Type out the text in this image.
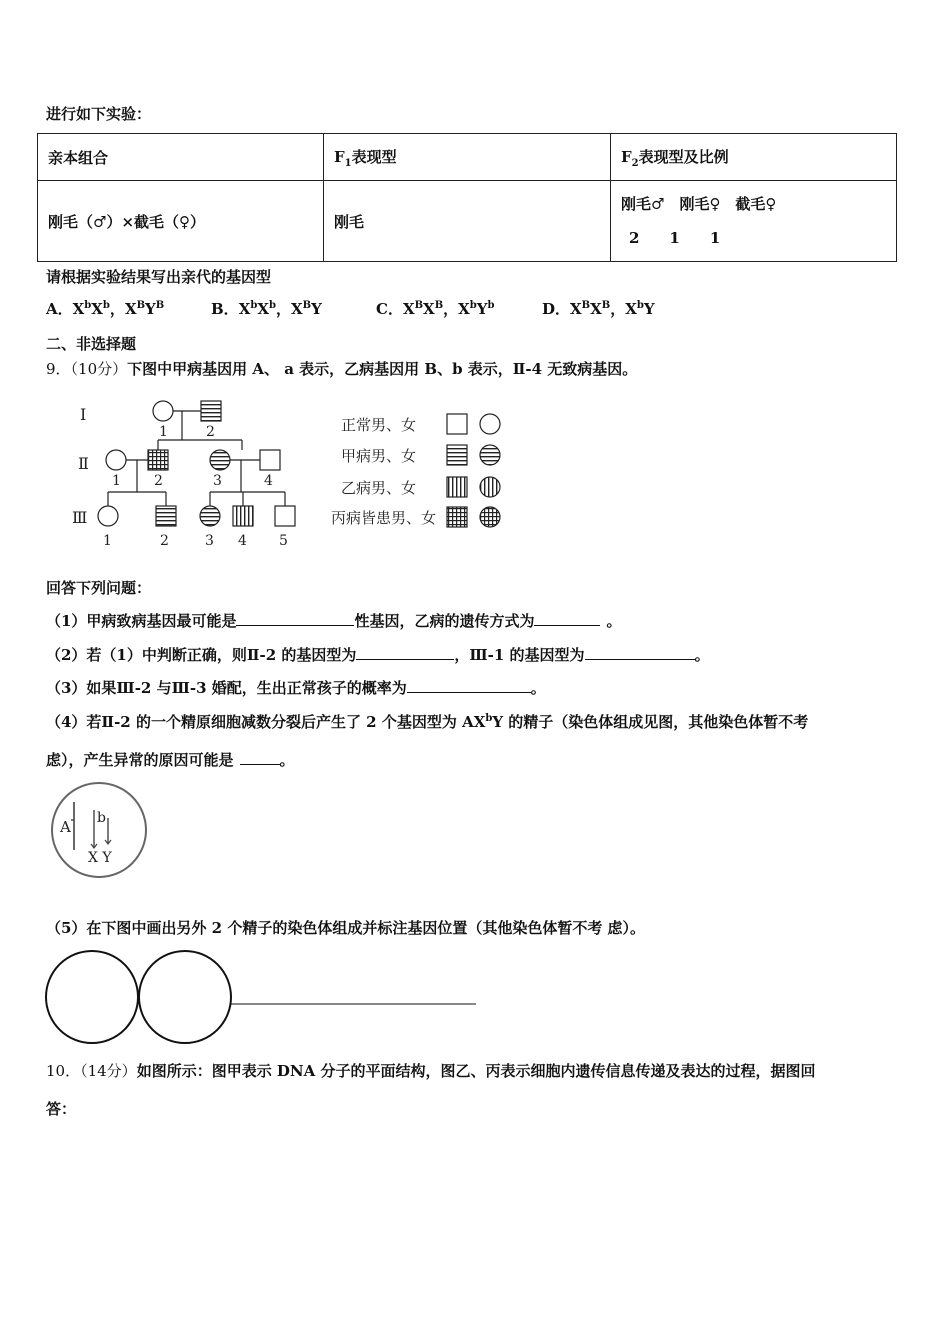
进行如下实验：
亲本组合	$F_1$表现型	$F_2$表现型及比例
刚毛（♂）×截毛（♀）	刚毛	刚毛♂　刚毛♀　截毛♀
2　　1　　1
请根据实验结果写出亲代的基因型
A．$X^bX^b$，$X^BY^B$	B．$X^bX^b$，$X^BY$	C．$X^BX^B$，$X^bY^b$	D．$X^BX^B$，$X^bY$
二、非选择题
9．（10分）下图中甲病基因用 A、 a 表示，乙病基因用 B、b 表示，Ⅱ-4 无致病基因。
Ⅰ
Ⅱ
Ⅲ
1	2
1 2	3	4
1	2	3 4 5
正常男、女
甲病男、女
乙病男、女
丙病皆患男、女
回答下列问题：
（1）甲病致病基因最可能是	性基因，乙病的遗传方式为	。
（2）若（1）中判断正确，则Ⅱ-2 的基因型为	，Ⅲ-1 的基因型为	。
（3）如果Ⅲ-2 与Ⅲ-3 婚配，生出正常孩子的概率为	。
（4）若Ⅱ-2 的一个精原细胞减数分裂后产生了 2 个基因型为 $AX^bY$ 的精子（染色体组成见图，其他染色体暂不考
虑），产生异常的原因可能是	。
A b
X Y
（5）在下图中画出另外 2 个精子的染色体组成并标注基因位置（其他染色体暂不考 虑）。
10．（14分）如图所示：图甲表示 DNA 分子的平面结构，图乙、丙表示细胞内遗传信息传递及表达的过程，据图回
答：
